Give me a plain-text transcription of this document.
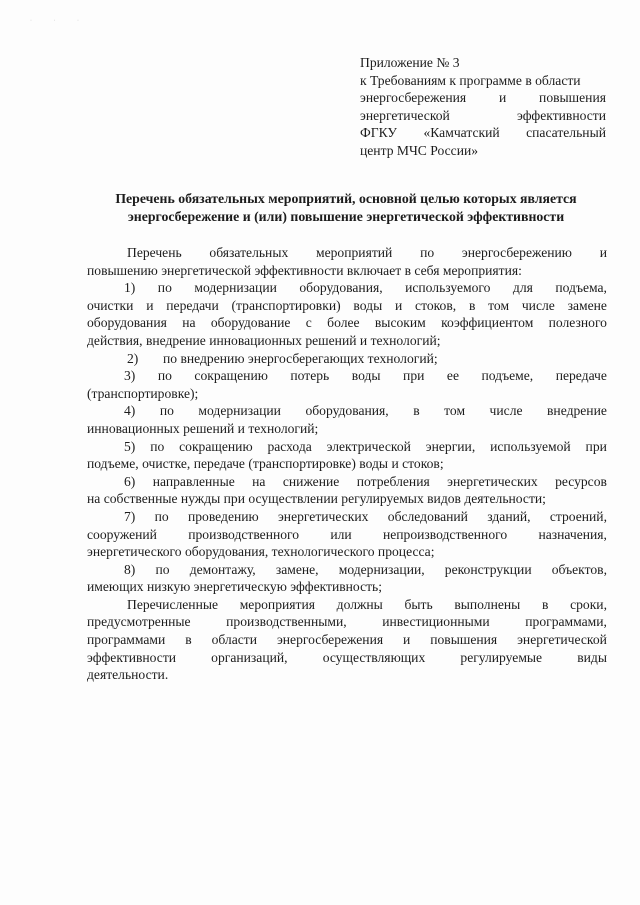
· · ·
Приложение № 3
к Требованиям к программе в области
энергосбережения и повышения
энергетической	эффективности
ФГКУ «Камчатский спасательный
центр МЧС России»
Перечень обязательных мероприятий, основной целью которых является
энергосбережение и (или) повышение энергетической эффективности
Перечень обязательных мероприятий по энергосбережению и
повышению энергетической эффективности включает в себя мероприятия:
1) по модернизации оборудования, используемого для подъема,
очистки и передачи (транспортировки) воды и стоков, в том числе замене
оборудования на оборудование с более высоким коэффициентом полезного
действия, внедрение инновационных решений и технологий;
2) по внедрению энергосберегающих технологий;
3) по сокращению потерь воды при ее подъеме, передаче
(транспортировке);
4) по модернизации оборудования, в том числе внедрение
инновационных решений и технологий;
5) по сокращению расхода электрической энергии, используемой при
подъеме, очистке, передаче (транспортировке) воды и стоков;
6) направленные на снижение потребления энергетических ресурсов
на собственные нужды при осуществлении регулируемых видов деятельности;
7) по проведению энергетических обследований зданий, строений,
сооружений производственного или непроизводственного назначения,
энергетического оборудования, технологического процесса;
8) по демонтажу, замене, модернизации, реконструкции объектов,
имеющих низкую энергетическую эффективность;
Перечисленные мероприятия должны быть выполнены в сроки,
предусмотренные	производственными,	инвестиционными	программами,
программами в области энергосбережения и повышения энергетической
эффективности	организаций,	осуществляющих	регулируемые	виды
деятельности.
